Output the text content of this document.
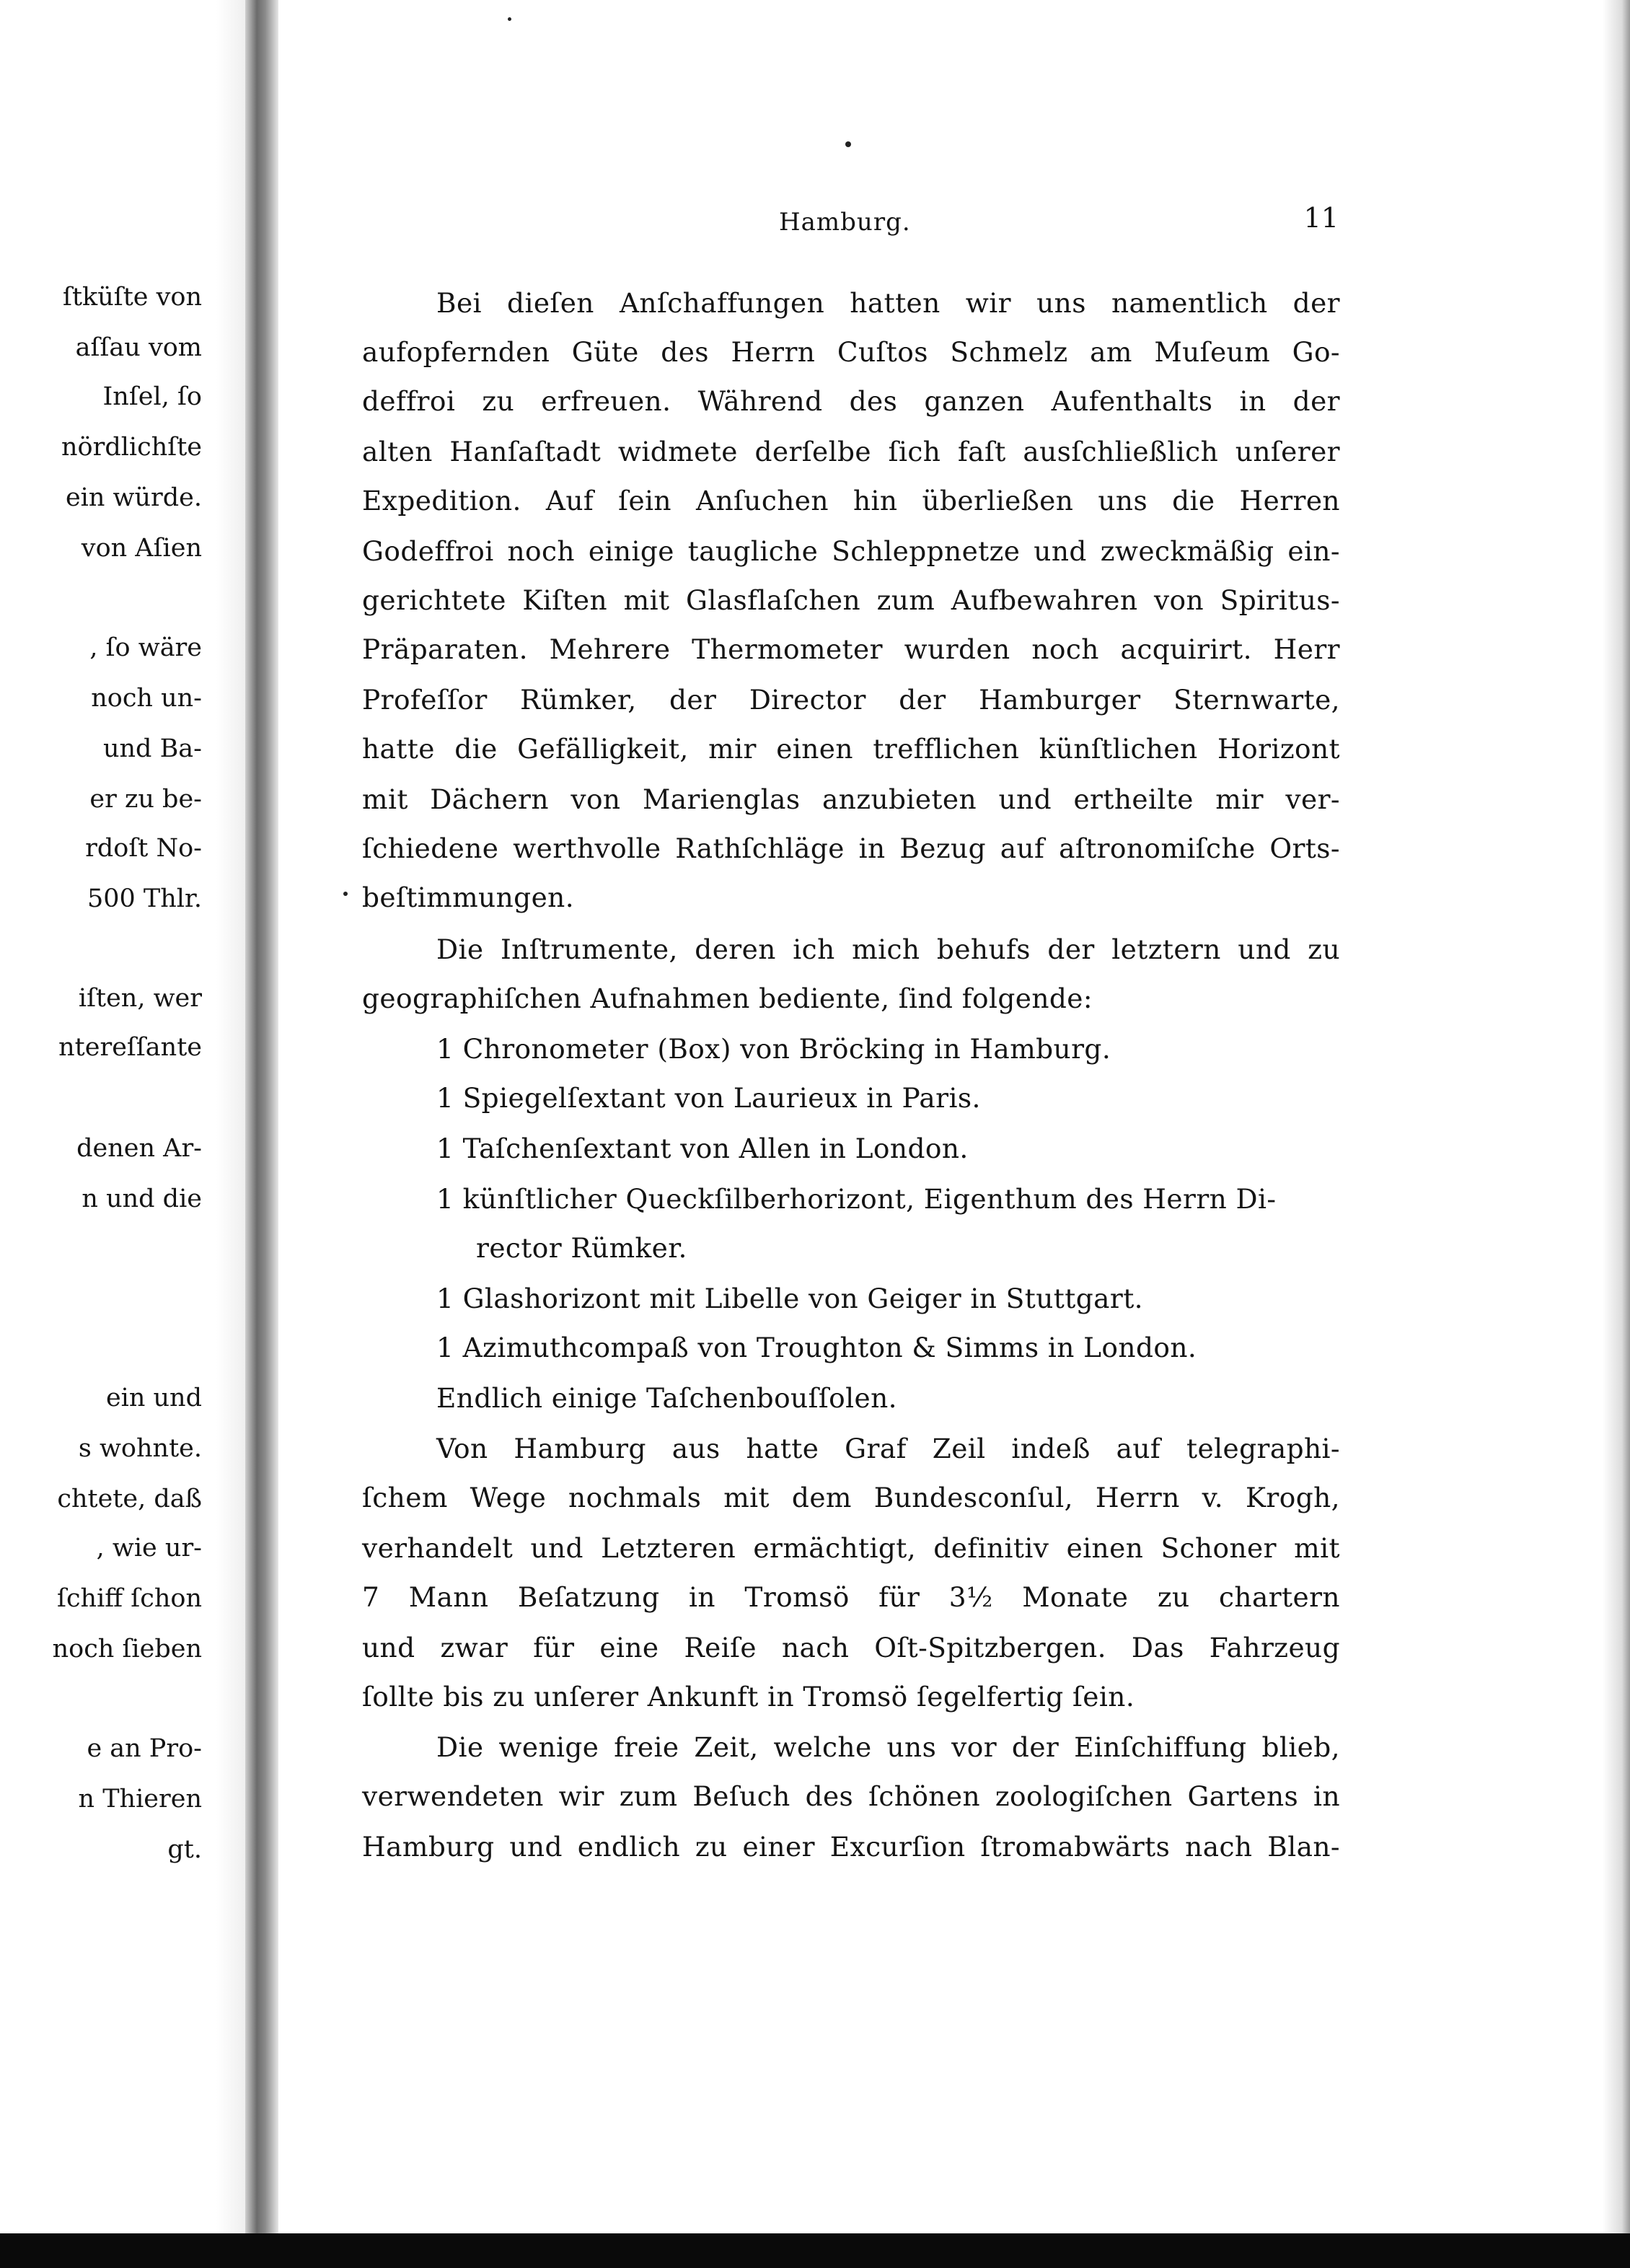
ſtküſte von
aſſau vom
Inſel, ſo
nördlichſte
ein würde.
von Aſien
, ſo wäre
noch un-
und Ba-
er zu be-
rdoſt No-
500 Thlr.
iſten, wer
ntereſſante
denen Ar-
n und die
ein und
s wohnte.
chtete, daß
, wie ur-
ſchiff ſchon
noch ſieben
e an Pro-
n Thieren
gt.
Hamburg.	11
Bei dieſen Anſchaffungen hatten wir uns namentlich der
aufopfernden Güte des Herrn Cuſtos Schmelz am Muſeum Go-
deffroi zu erfreuen. Während des ganzen Aufenthalts in der
alten Hanſaſtadt widmete derſelbe ſich faſt ausſchließlich unſerer
Expedition. Auf ſein Anſuchen hin überließen uns die Herren
Godeffroi noch einige taugliche Schleppnetze und zweckmäßig ein-
gerichtete Kiſten mit Glasflaſchen zum Aufbewahren von Spiritus-
Präparaten. Mehrere Thermometer wurden noch acquirirt. Herr
Profeſſor Rümker, der Director der Hamburger Sternwarte,
hatte die Gefälligkeit, mir einen trefflichen künſtlichen Horizont
mit Dächern von Marienglas anzubieten und ertheilte mir ver-
ſchiedene werthvolle Rathſchläge in Bezug auf aſtronomiſche Orts-
beſtimmungen.
Die Inſtrumente, deren ich mich behufs der letztern und zu
geographiſchen Aufnahmen bediente, ſind folgende:
1 Chronometer (Box) von Bröcking in Hamburg.
1 Spiegelſextant von Laurieux in Paris.
1 Taſchenſextant von Allen in London.
1 künſtlicher Queckſilberhorizont, Eigenthum des Herrn Di-
rector Rümker.
1 Glashorizont mit Libelle von Geiger in Stuttgart.
1 Azimuthcompaß von Troughton & Simms in London.
Endlich einige Taſchenbouſſolen.
Von Hamburg aus hatte Graf Zeil indeß auf telegraphi-
ſchem Wege nochmals mit dem Bundesconſul, Herrn v. Krogh,
verhandelt und Letzteren ermächtigt, definitiv einen Schoner mit
7 Mann Beſatzung in Tromsö für 3½ Monate zu chartern
und zwar für eine Reiſe nach Oſt-Spitzbergen. Das Fahrzeug
ſollte bis zu unſerer Ankunft in Tromsö ſegelfertig ſein.
Die wenige freie Zeit, welche uns vor der Einſchiffung blieb,
verwendeten wir zum Beſuch des ſchönen zoologiſchen Gartens in
Hamburg und endlich zu einer Excurſion ſtromabwärts nach Blan-
